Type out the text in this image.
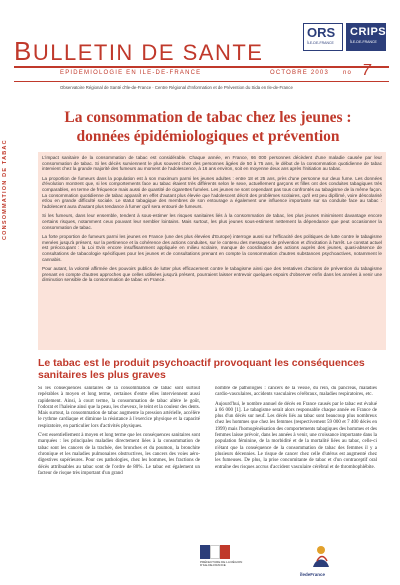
CONSOMMATION DE TABAC
BULLETIN DE SANTE
ORS
ÎLE-DE-FRANCE
CRIPS
ÎLE-DE-FRANCE
EPIDEMIOLOGIE EN ILE-DE-FRANCE	OCTOBRE 2003 no 7
Observatoire Régional de Santé d'Ile-de-France · Centre Régional d'Information et de Prévention du Sida en Ile-de-France
La consommation de tabac chez les jeunes : données épidémiologiques et prévention

L'impact sanitaire de la consommation de tabac est considérable. Chaque année, en France, 66 000 personnes décèdent d'une maladie causée par leur consommation de tabac. Si les décès surviennent le plus souvent chez des personnes âgées de 50 à 75 ans, le début de la consommation quotidienne de tabac intervient chez la grande majorité des fumeurs au moment de l'adolescence, à 16 ans environ, soit en moyenne deux ans après l'initiation au tabac.

La proportion de fumeurs dans la population est à son maximum parmi les jeunes adultes : entre 18 et 25 ans, près d'une personne sur deux fume. Les données d'évolution montrent que, si les comportements face au tabac étaient très différents selon le sexe, actuellement garçons et filles ont des conduites tabagiques très comparables, en terme de fréquence mais aussi de quantité de cigarettes fumées. Les jeunes ne sont cependant pas tous confrontés au tabagisme de la même façon. La consommation quotidienne de tabac apparaît en effet d'autant plus élevée que l'adolescent décrit des problèmes scolaires, qu'il est peu diplômé, voire déscolarisé et/ou en grande difficulté sociale. Le statut tabagique des membres de son entourage a également une influence importante sur sa conduite face au tabac : l'adolescent aura d'autant plus tendance à fumer qu'il sera entouré de fumeurs.

Si les fumeurs, dans leur ensemble, tendent à sous-estimer les risques sanitaires liés à la consommation de tabac, les plus jeunes minimisent davantage encore certains risques, notamment ceux pouvant leur sembler lointains. Mais surtout, les plus jeunes sous-estiment nettement la dépendance que peut occasionner la consommation de tabac.

La forte proportion de fumeurs parmi les jeunes en France (une des plus élevées d'Europe) interroge aussi sur l'efficacité des politiques de lutte contre le tabagisme menées jusqu'à présent, sur la pertinence et la cohérence des actions conduites, sur le contenu des messages de prévention et d'incitation à l'arrêt. Le constat actuel est préoccupant : la Loi Evin encore insuffisamment appliquée en milieu scolaire, manque de coordination des actions auprès des jeunes, quasi-absence de consultations de tabacologie spécifiques pour les jeunes et de consultations prenant en compte la consommation d'autres substances psychoactives, notamment le cannabis.

Pour autant, la volonté affirmée des pouvoirs publics de lutter plus efficacement contre le tabagisme ainsi que des tentatives d'actions de prévention du tabagisme prenant en compte d'autres approches que celles utilisées jusqu'à présent, pourraient laisser entrevoir quelques espoirs d'observer enfin dans les années à venir une diminution sensible de la consommation de tabac en France.

Le tabac est le produit psychoactif provoquant les conséquences sanitaires les plus graves

Si les conséquences sanitaires de la consommation de tabac sont surtout repérables à moyen et long terme, certaines d'entre elles interviennent aussi rapidement. Ainsi, à court terme, la consommation de tabac altère le goût, l'odorat et l'haleine ainsi que la peau, les cheveux, le teint et la couleur des dents. Mais surtout, la consommation de tabac augmente la pression artérielle, accélère le rythme cardiaque et diminue la résistance à l'exercice physique et la capacité respiratoire, en particulier lors d'activités physiques.

C'est essentiellement à moyen et long terme que les conséquences sanitaires sont marquées : les principales maladies directement liées à la consommation de tabac sont les cancers de la trachée, des bronches et du poumon, la bronchite chronique et les maladies pulmonaires obstructives, les cancers des voies aéro-digestives supérieures. Pour ces pathologies, chez les hommes, les fractions de décès attribuables au tabac sont de l'ordre de 80%. Le tabac est également un facteur de risque très important d'un grand

nombre de pathologies : cancers de la vessie, du rein, du pancréas, maladies cardio-vasculaires, accidents vasculaires cérébraux, maladies respiratoires, etc.

Aujourd'hui, le nombre annuel de décès en France causés par le tabac est évalué à 66 000 [1]. Le tabagisme serait alors responsable chaque année en France de plus d'un décès sur neuf. Les décès liés au tabac sont beaucoup plus nombreux chez les hommes que chez les femmes (respectivement 59 000 et 7 400 décès en 1999) mais l'homogénéisation des comportements tabagiques des hommes et des femmes laisse prévoir, dans les années à venir, une croissance importante dans la population féminine, de la morbidité et de la mortalité liées au tabac, celle-ci n'étant que la conséquence de la consommation de tabac des femmes il y a plusieurs décennies. Le risque de cancer chez celle d'utérus est augmenté chez les fumeuses. De plus, la prise concomitante de tabac et d'un contraceptif oral entraîne des risques accrus d'accident vasculaire cérébral et de thrombophlébite.

PRÉFECTURE DE LA RÉGION
D'ILE-DE-FRANCE
îledeFrance
